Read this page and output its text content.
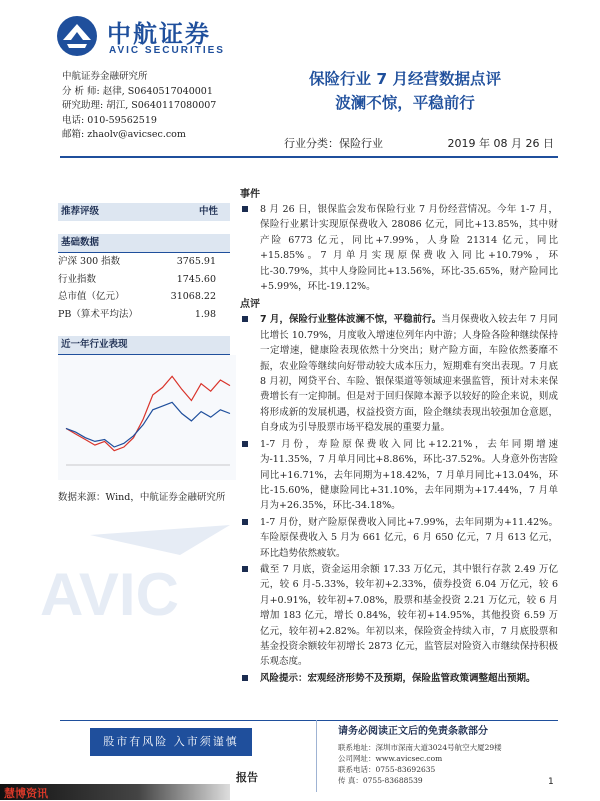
中航证券
AVIC SECURITIES
中航证券金融研究所
分 析 师: 赵律, S0640517040001
研究助理: 胡江, S0640117080007
电话: 010-59562519
邮箱: zhaolv@avicsec.com
保险行业 7 月经营数据点评
波澜不惊，平稳前行
行业分类：保险行业	2019 年 08 月 26 日
推荐评级	中性
基础数据
沪深 300 指数	3765.91
行业指数	1745.60
总市值（亿元）	31068.22
PB（算术平均法）	1.98
近一年行业表现
数据来源：Wind，中航证券金融研究所
AVIC
事件
8 月 26 日，银保监会发布保险行业 7 月份经营情况。今年 1-7 月，保险行业累计实现原保费收入 28086 亿元，同比+13.85%，其中财产险 6773 亿元，同比+7.99%，人身险 21314 亿元，同比+15.85%。7 月单月实现原保费收入同比+10.79%，环比-30.79%，其中人身险同比+13.56%，环比-35.65%，财产险同比+5.99%，环比-19.12%。
点评
7 月，保险行业整体波澜不惊，平稳前行。当月保费收入较去年 7 月同比增长 10.79%，月度收入增速位列年内中游；人身险各险种继续保持一定增速，健康险表现依然十分突出；财产险方面，车险依然萎靡不振，农业险等继续向好带动较大成本压力，短期难有突出表现。7 月底 8 月初，网贷平台、车险、银保渠道等领域迎来强监管，预计对未来保费增长有一定抑制。但是对于回归保障本源予以较好的险企来说，则成将形成新的发展机遇，权益投资方面，险企继续表现出较强加仓意愿，自身成为引导股票市场平稳发展的重要力量。
1-7 月份，寿险原保费收入同比+12.21%，去年同期增速为-11.35%，7 月单月同比+8.86%，环比-37.52%。人身意外伤害险同比+16.71%，去年同期为+18.42%，7 月单月同比+13.04%，环比-15.60%，健康险同比+31.10%，去年同期为+17.44%，7 月单月为+26.35%，环比-34.18%。
1-7 月份，财产险原保费收入同比+7.99%，去年同期为+11.42%。车险原保费收入 5 月为 661 亿元，6 月 650 亿元，7 月 613 亿元，环比趋势依然疲软。
截至 7 月底，资金运用余额 17.33 万亿元，其中银行存款 2.49 万亿元，较 6 月-5.33%，较年初+2.33%，债券投资 6.04 万亿元，较 6 月+0.91%，较年初+7.08%，股票和基金投资 2.21 万亿元，较 6 月增加 183 亿元，增长 0.84%，较年初+14.95%，其他投资 6.59 万亿元，较年初+2.82%。年初以来，保险资金持续入市，7 月底股票和基金投资余额较年初增长 2873 亿元，监管层对险资入市继续保持积极乐观态度。
风险提示：宏观经济形势不及预期，保险监管政策调整超出预期。
股市有风险 入市须谨慎
请务必阅读正文后的免责条款部分
联系地址：深圳市深南大道3024号航空大厦29楼
公司网址：www.avicsec.com
联系电话：0755-83692635
传 真：0755-83688539
报告	1
慧博资讯
